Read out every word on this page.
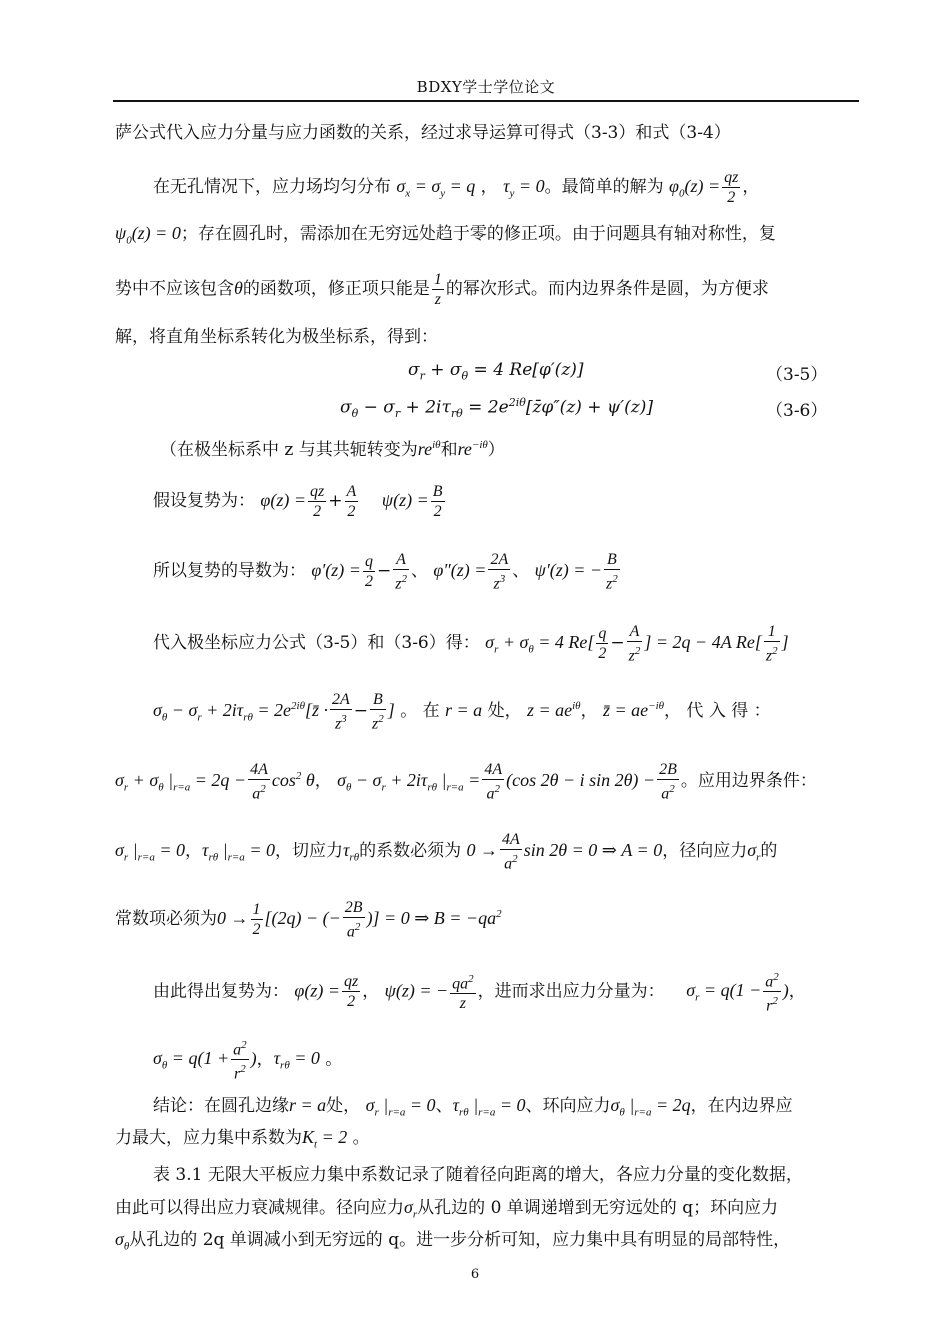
BDXY学士学位论文
萨公式代入应力分量与应力函数的关系，经过求导运算可得式（3-3）和式（3-4）
在无孔情况下，应力场均匀分布 $\sigma_x = \sigma_y = q$ ， $\tau_y = 0$。最简单的解为 $\varphi_0(z) = \frac{qz}{2}$ ，
$\psi_0(z) = 0$；存在圆孔时，需添加在无穷远处趋于零的修正项。由于问题具有轴对称性，复
势中不应该包含θ的函数项，修正项只能是 $\frac{1}{z}$ 的幂次形式。而内边界条件是圆，为方便求
解，将直角坐标系转化为极坐标系，得到：
$\sigma_r + \sigma_\theta = 4$ Re[φ′(z)]	（3-5）
$\sigma_\theta - \sigma_r + 2i\tau_{r\theta}$ = $2e^{2i\theta}[z̄\varphi''(z) + \psi'(z)]$	（3-6）
（在极坐标系中 z 与其共轭转变为$re^{i\theta}$和$re^{-i\theta}$）
假设复势为： $\varphi(z) = \frac{qz}{2} + \frac{A}{2} \psi(z) = \frac{B}{2}$
所以复势的导数为： $\varphi'(z) = \frac{q}{2} - \frac{A}{z^2}$ 、 $\varphi''(z) = \frac{2A}{z^3}$ 、 ψ′(z) = − $\frac{B}{z^2}$
代入极坐标应力公式（3-5）和（3-6）得： $\sigma_r + \sigma_\theta = 4$ $Re[ \frac{q}{2} - \frac{A}{z^2}$ ] = 2q − 4A $Re[ \frac{1}{z^2}$ ]
$\sigma_\theta - \sigma_r + 2i\tau_{r\theta}$ = $2e^{2i\theta}[z̄ \cdot \frac{2A}{z^3} - \frac{B}{z^2}$ ] 。 在 r = a 处， $z = ae^{i\theta}$， z̄ = $ae^{-i\theta}$， 代 入 得 ：
$\sigma_r + \sigma_\theta$ $|_{r=a} = 2q - \frac{4A}{a^2} \cos^2 \theta$， $\sigma_\theta - \sigma_r + 2i\tau_{r\theta}$ $|_{r=a} = \frac{4A}{a^2} (\cos$ 2θ − i $\sin 2\theta) - \frac{2B}{a^2}$ 。应用边界条件：
$\sigma_r$ $|_{r=a} = 0$，$\tau_{r\theta}$ $|_{r=a} = 0$，切应力$\tau_{r\theta}$的系数必须为 $0 \to \frac{4A}{a^2}$ sin 2θ = 0 ⇒ A = 0，径向应力$\sigma_r$的
常数项必须为$0 \to \frac{1}{2} [(2q)$ − (− $\frac{2B}{a^2}$ )] = 0 ⇒ $B = -qa^2$
由此得出复势为： $\varphi(z) = \frac{qz}{2}$ ， ψ(z) = − $\frac{qa^2}{z}$ ，进而求出应力分量为： $\sigma_r = q(1 - \frac{a^2}{r^2}$ )，
$\sigma_\theta = q(1 + \frac{a^2}{r^2}$ )，$\tau_{r\theta} = 0$ 。
结论：在圆孔边缘r = a处， $\sigma_r$ $|_{r=a} = 0$、$\tau_{r\theta}$ $|_{r=a} = 0$、环向应力$\sigma_\theta$ $|_{r=a} = 2q$，在内边界应
力最大，应力集中系数为$K_t = 2$ 。
表 3.1 无限大平板应力集中系数记录了随着径向距离的增大，各应力分量的变化数据，
由此可以得出应力衰减规律。径向应力$\sigma_r$从孔边的 0 单调递增到无穷远处的 q；环向应力
$\sigma_\theta$从孔边的 2q 单调减小到无穷远的 q。进一步分析可知，应力集中具有明显的局部特性，
6
